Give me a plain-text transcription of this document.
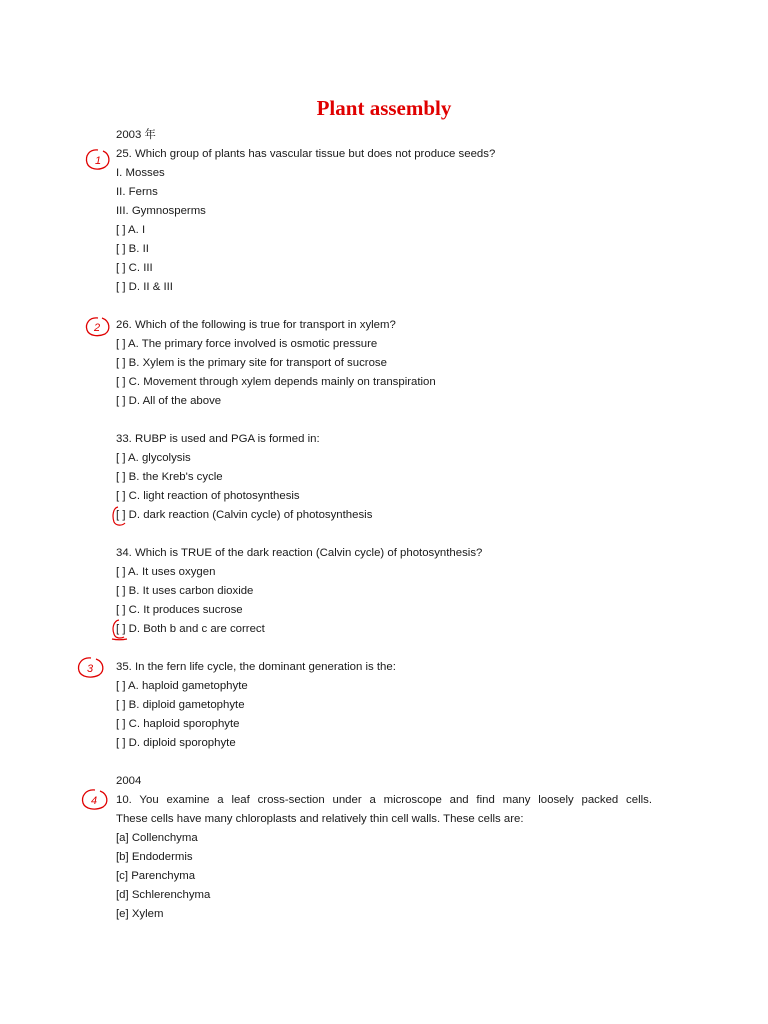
Plant assembly
2003 年
25. Which group of plants has vascular tissue but does not produce seeds?
I. Mosses
II. Ferns
III. Gymnosperms
[ ] A. I
[ ] B. II
[ ] C. III
[ ] D. II & III
26. Which of the following is true for transport in xylem?
[ ] A. The primary force involved is osmotic pressure
[ ] B. Xylem is the primary site for transport of sucrose
[ ] C. Movement through xylem depends mainly on transpiration
[ ] D. All of the above
33. RUBP is used and PGA is formed in:
[ ] A. glycolysis
[ ] B. the Kreb's cycle
[ ] C. light reaction of photosynthesis
[ ] D. dark reaction (Calvin cycle) of photosynthesis
34. Which is TRUE of the dark reaction (Calvin cycle) of photosynthesis?
[ ] A. It uses oxygen
[ ] B. It uses carbon dioxide
[ ] C. It produces sucrose
[ ] D. Both b and c are correct
35. In the fern life cycle, the dominant generation is the:
[ ] A. haploid gametophyte
[ ] B. diploid gametophyte
[ ] C. haploid sporophyte
[ ] D. diploid sporophyte
2004
10. You examine a leaf cross-section under a microscope and find many loosely packed cells.
These cells have many chloroplasts and relatively thin cell walls. These cells are:
[a] Collenchyma
[b] Endodermis
[c] Parenchyma
[d] Schlerenchyma
[e] Xylem
1
2
3
4
